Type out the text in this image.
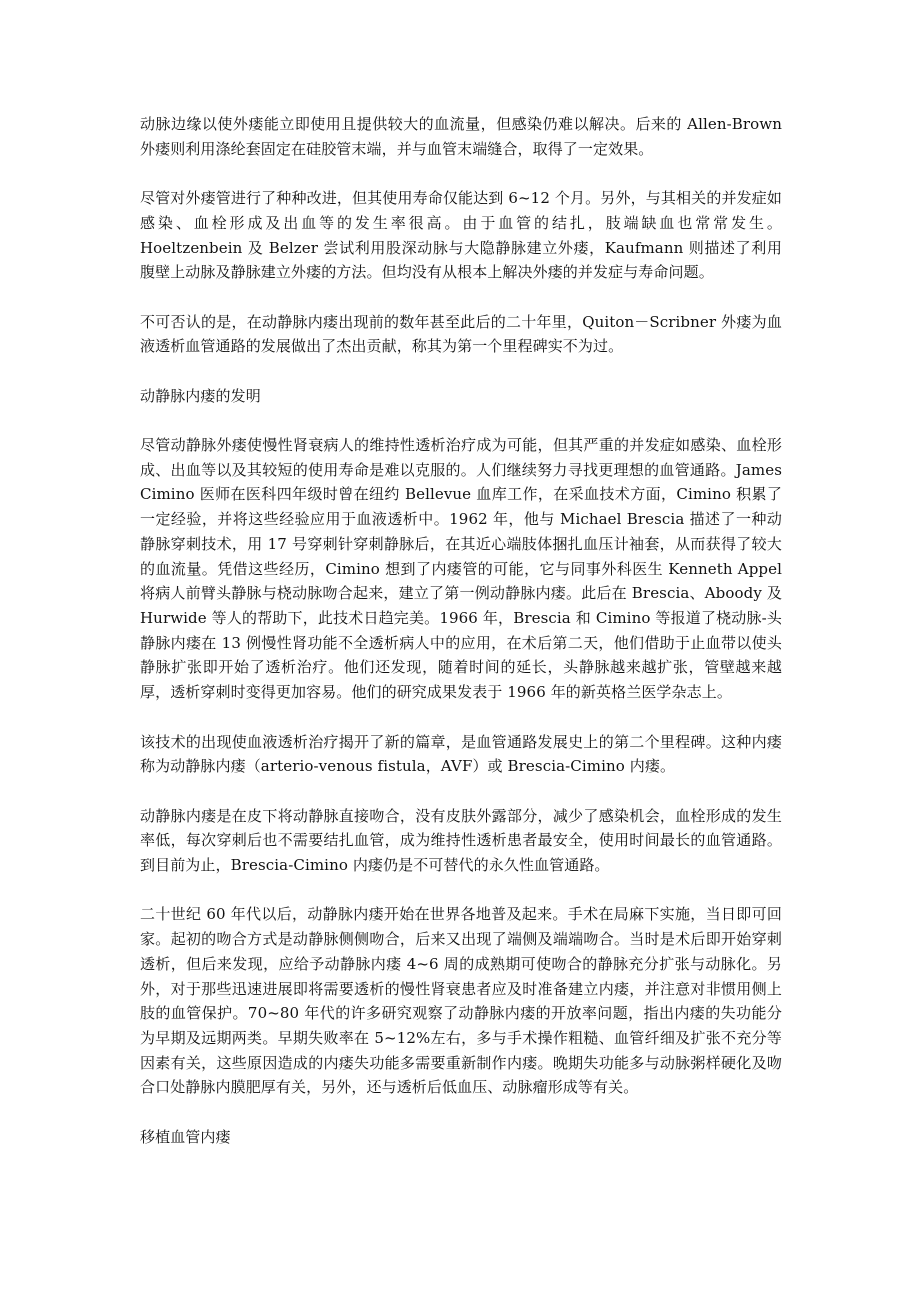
动脉边缘以使外瘘能立即使用且提供较大的血流量，但感染仍难以解决。后来的 Allen-Brown 外瘘则利用涤纶套固定在硅胶管末端，并与血管末端缝合，取得了一定效果。

尽管对外瘘管进行了种种改进，但其使用寿命仅能达到 6~12 个月。另外，与其相关的并发症如感染、血栓形成及出血等的发生率很高。由于血管的结扎，肢端缺血也常常发生。Hoeltzenbein 及 Belzer 尝试利用股深动脉与大隐静脉建立外瘘，Kaufmann 则描述了利用腹壁上动脉及静脉建立外瘘的方法。但均没有从根本上解决外瘘的并发症与寿命问题。

不可否认的是，在动静脉内瘘出现前的数年甚至此后的二十年里，Quiton－Scribner 外瘘为血液透析血管通路的发展做出了杰出贡献，称其为第一个里程碑实不为过。

动静脉内瘘的发明

尽管动静脉外瘘使慢性肾衰病人的维持性透析治疗成为可能，但其严重的并发症如感染、血栓形成、出血等以及其较短的使用寿命是难以克服的。人们继续努力寻找更理想的血管通路。James Cimino 医师在医科四年级时曾在纽约 Bellevue 血库工作，在采血技术方面，Cimino 积累了一定经验，并将这些经验应用于血液透析中。1962 年，他与 Michael Brescia 描述了一种动静脉穿刺技术，用 17 号穿刺针穿刺静脉后，在其近心端肢体捆扎血压计袖套，从而获得了较大的血流量。凭借这些经历，Cimino 想到了内瘘管的可能，它与同事外科医生 Kenneth Appel 将病人前臂头静脉与桡动脉吻合起来，建立了第一例动静脉内瘘。此后在 Brescia、Aboody 及 Hurwide 等人的帮助下，此技术日趋完美。1966 年，Brescia 和 Cimino 等报道了桡动脉-头静脉内瘘在 13 例慢性肾功能不全透析病人中的应用，在术后第二天，他们借助于止血带以使头静脉扩张即开始了透析治疗。他们还发现，随着时间的延长，头静脉越来越扩张，管壁越来越厚，透析穿刺时变得更加容易。他们的研究成果发表于 1966 年的新英格兰医学杂志上。

该技术的出现使血液透析治疗揭开了新的篇章，是血管通路发展史上的第二个里程碑。这种内瘘称为动静脉内瘘（arterio-venous fistula，AVF）或 Brescia-Cimino 内瘘。

动静脉内瘘是在皮下将动静脉直接吻合，没有皮肤外露部分，减少了感染机会，血栓形成的发生率低，每次穿刺后也不需要结扎血管，成为维持性透析患者最安全，使用时间最长的血管通路。到目前为止，Brescia-Cimino 内瘘仍是不可替代的永久性血管通路。

二十世纪 60 年代以后，动静脉内瘘开始在世界各地普及起来。手术在局麻下实施，当日即可回家。起初的吻合方式是动静脉侧侧吻合，后来又出现了端侧及端端吻合。当时是术后即开始穿刺透析，但后来发现，应给予动静脉内瘘 4~6 周的成熟期可使吻合的静脉充分扩张与动脉化。另外，对于那些迅速进展即将需要透析的慢性肾衰患者应及时准备建立内瘘，并注意对非惯用侧上肢的血管保护。70~80 年代的许多研究观察了动静脉内瘘的开放率问题，指出内瘘的失功能分为早期及远期两类。早期失败率在 5~12%左右，多与手术操作粗糙、血管纤细及扩张不充分等因素有关，这些原因造成的内瘘失功能多需要重新制作内瘘。晚期失功能多与动脉粥样硬化及吻合口处静脉内膜肥厚有关，另外，还与透析后低血压、动脉瘤形成等有关。

移植血管内瘘
